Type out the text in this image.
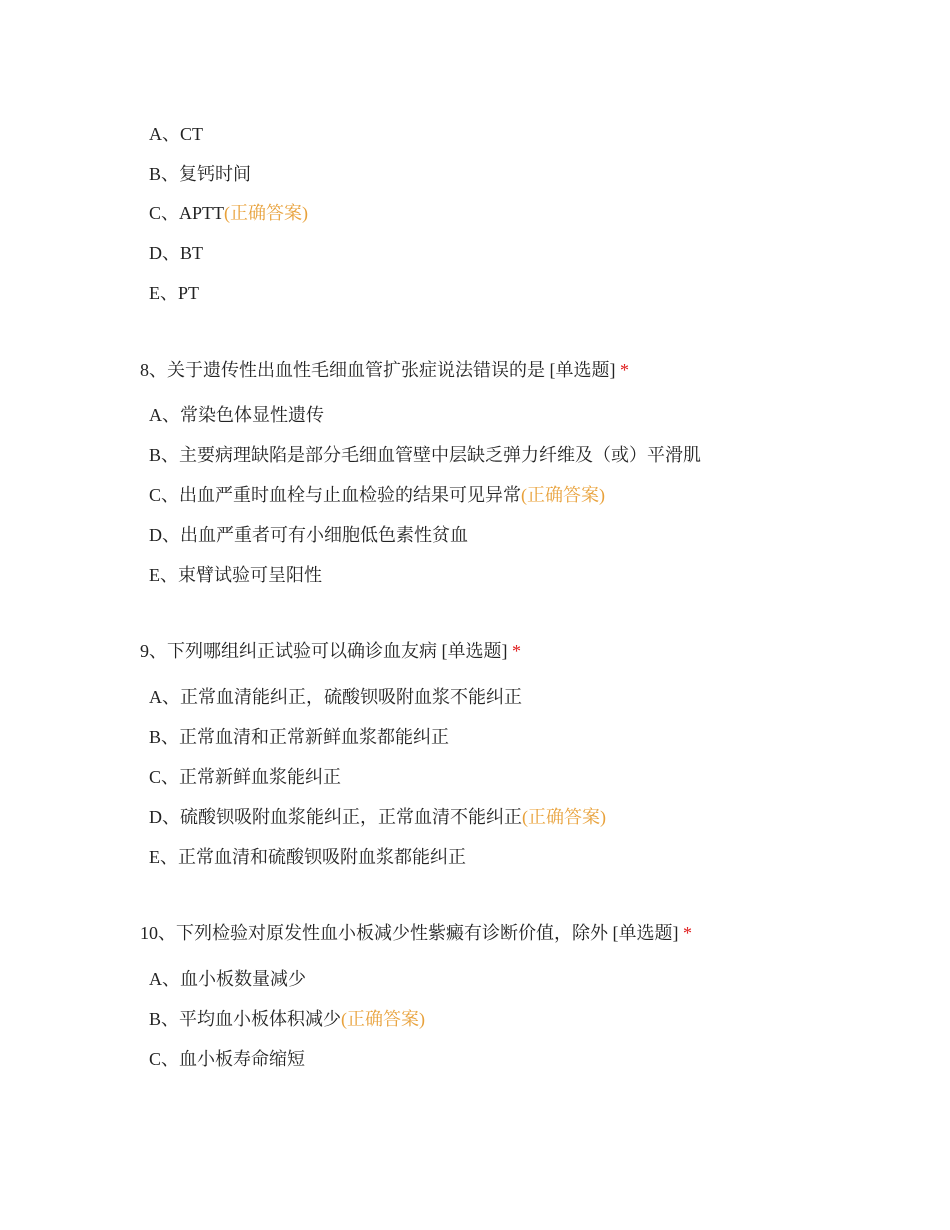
A、CT
B、复钙时间
C、APTT(正确答案)
D、BT
E、PT
8、关于遗传性出血性毛细血管扩张症说法错误的是 [单选题] *
A、常染色体显性遗传
B、主要病理缺陷是部分毛细血管壁中层缺乏弹力纤维及（或）平滑肌
C、出血严重时血栓与止血检验的结果可见异常(正确答案)
D、出血严重者可有小细胞低色素性贫血
E、束臂试验可呈阳性
9、下列哪组纠正试验可以确诊血友病 [单选题] *
A、正常血清能纠正，硫酸钡吸附血浆不能纠正
B、正常血清和正常新鲜血浆都能纠正
C、正常新鲜血浆能纠正
D、硫酸钡吸附血浆能纠正，正常血清不能纠正(正确答案)
E、正常血清和硫酸钡吸附血浆都能纠正
10、下列检验对原发性血小板减少性紫癜有诊断价值，除外 [单选题] *
A、血小板数量减少
B、平均血小板体积减少(正确答案)
C、血小板寿命缩短
